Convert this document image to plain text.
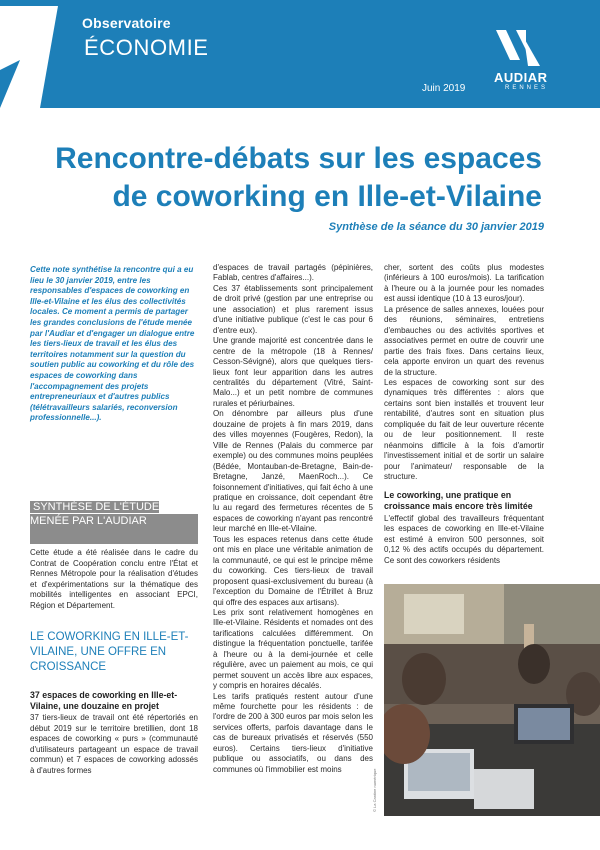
Observatoire
ÉCONOMIE
Juin 2019
AUDIAR
RENNES
Rencontre-débats sur les espaces
de coworking en Ille-et-Vilaine
Synthèse de la séance du 30 janvier 2019
Cette note synthétise la rencontre qui a eu lieu le 30 janvier 2019, entre les responsables d'espaces de coworking en Ille-et-Vilaine et les élus des collectivités locales. Ce moment a permis de partager les grandes conclusions de l'étude menée par l'Audiar et d'engager un dialogue entre les tiers-lieux de travail et les élus des territoires notamment sur la question du soutien public au coworking et du rôle des espaces de coworking dans l'accompagnement des projets entrepreneuriaux et d'autres publics (télétravailleurs salariés, reconversion professionnelle...).
SYNTHÈSE DE L'ÉTUDE MENÉE PAR L'AUDIAR
Cette étude a été réalisée dans le cadre du Contrat de Coopération conclu entre l'État et Rennes Métropole pour la réalisation d'études et d'expérimentations sur la thématique des mobilités intelligentes en associant EPCI, Région et Département.
LE COWORKING EN ILLE-ET-VILAINE, UNE OFFRE EN CROISSANCE
37 espaces de coworking en Ille-et-Vilaine, une douzaine en projet
37 tiers-lieux de travail ont été répertoriés en début 2019 sur le territoire bretillien, dont 18 espaces de coworking « purs » (communauté d'utilisateurs partageant un espace de travail commun) et 7 espaces de coworking adossés à d'autres formes

d'espaces de travail partagés (pépinières, Fablab, centres d'affaires...).

Ces 37 établissements sont principalement de droit privé (gestion par une entreprise ou une association) et plus rarement issus d'une initiative publique (c'est le cas pour 6 d'entre eux).

Une grande majorité est concentrée dans le centre de la métropole (18 à Rennes/ Cesson-Sévigné), alors que quelques tiers-lieux font leur apparition dans les autres centralités du département (Vitré, Saint-Malo...) et un petit nombre de communes rurales et périurbaines.

On dénombre par ailleurs plus d'une douzaine de projets à fin mars 2019, dans des villes moyennes (Fougères, Redon), la Ville de Rennes (Palais du commerce par exemple) ou des communes moins peuplées (Bédée, Montauban-de-Bretagne, Bain-de-Bretagne, Janzé, MaenRoch...). Ce foisonnement d'initiatives, qui fait écho à une pratique en croissance, doit cependant être lu au regard des fermetures récentes de 5 espaces de coworking n'ayant pas rencontré leur marché en Ille-et-Vilaine.

Tous les espaces retenus dans cette étude ont mis en place une véritable animation de la communauté, ce qui est le principe même du coworking. Ces tiers-lieux de travail proposent quasi-exclusivement du bureau (à l'exception du Domaine de l'Étrillet à Bruz qui offre des espaces aux artisans).

Les prix sont relativement homogènes en Ille-et-Vilaine. Résidents et nomades ont des tarifications calculées différemment. On distingue la fréquentation ponctuelle, tarifée à l'heure ou à la demi-journée et celle régulière, avec un paiement au mois, ce qui permet souvent un accès libre aux espaces, y compris en horaires décalés.

Les tarifs pratiqués restent autour d'une même fourchette pour les résidents : de l'ordre de 200 à 300 euros par mois selon les services offerts, parfois davantage dans le cas de bureaux privatisés et réservés (550 euros). Certains tiers-lieux d'initiative publique ou associatifs, ou dans des communes où l'immobilier est moins

cher, sortent des coûts plus modestes (inférieurs à 100 euros/mois). La tarification à l'heure ou à la journée pour les nomades est aussi identique (10 à 13 euros/jour).

La présence de salles annexes, louées pour des réunions, séminaires, entretiens d'embauches ou des activités sportives et associatives permet en outre de couvrir une partie des frais fixes. Dans certains lieux, cela apporte environ un quart des revenus de la structure.

Les espaces de coworking sont sur des dynamiques très différentes : alors que certains sont bien installés et trouvent leur rentabilité, d'autres sont en situation plus compliquée du fait de leur ouverture récente ou de leur positionnement. Il reste néanmoins difficile à la fois d'amortir l'investissement initial et de sortir un salaire pour l'animateur/ responsable de la structure.

Le coworking, une pratique en croissance mais encore très limitée
L'effectif global des travailleurs fréquentant les espaces de coworking en Ille-et-Vilaine est estimé à environ 500 personnes, soit 0,12 % des actifs occupés du département. Ce sont des coworkers résidents
© La Cantine numérique
